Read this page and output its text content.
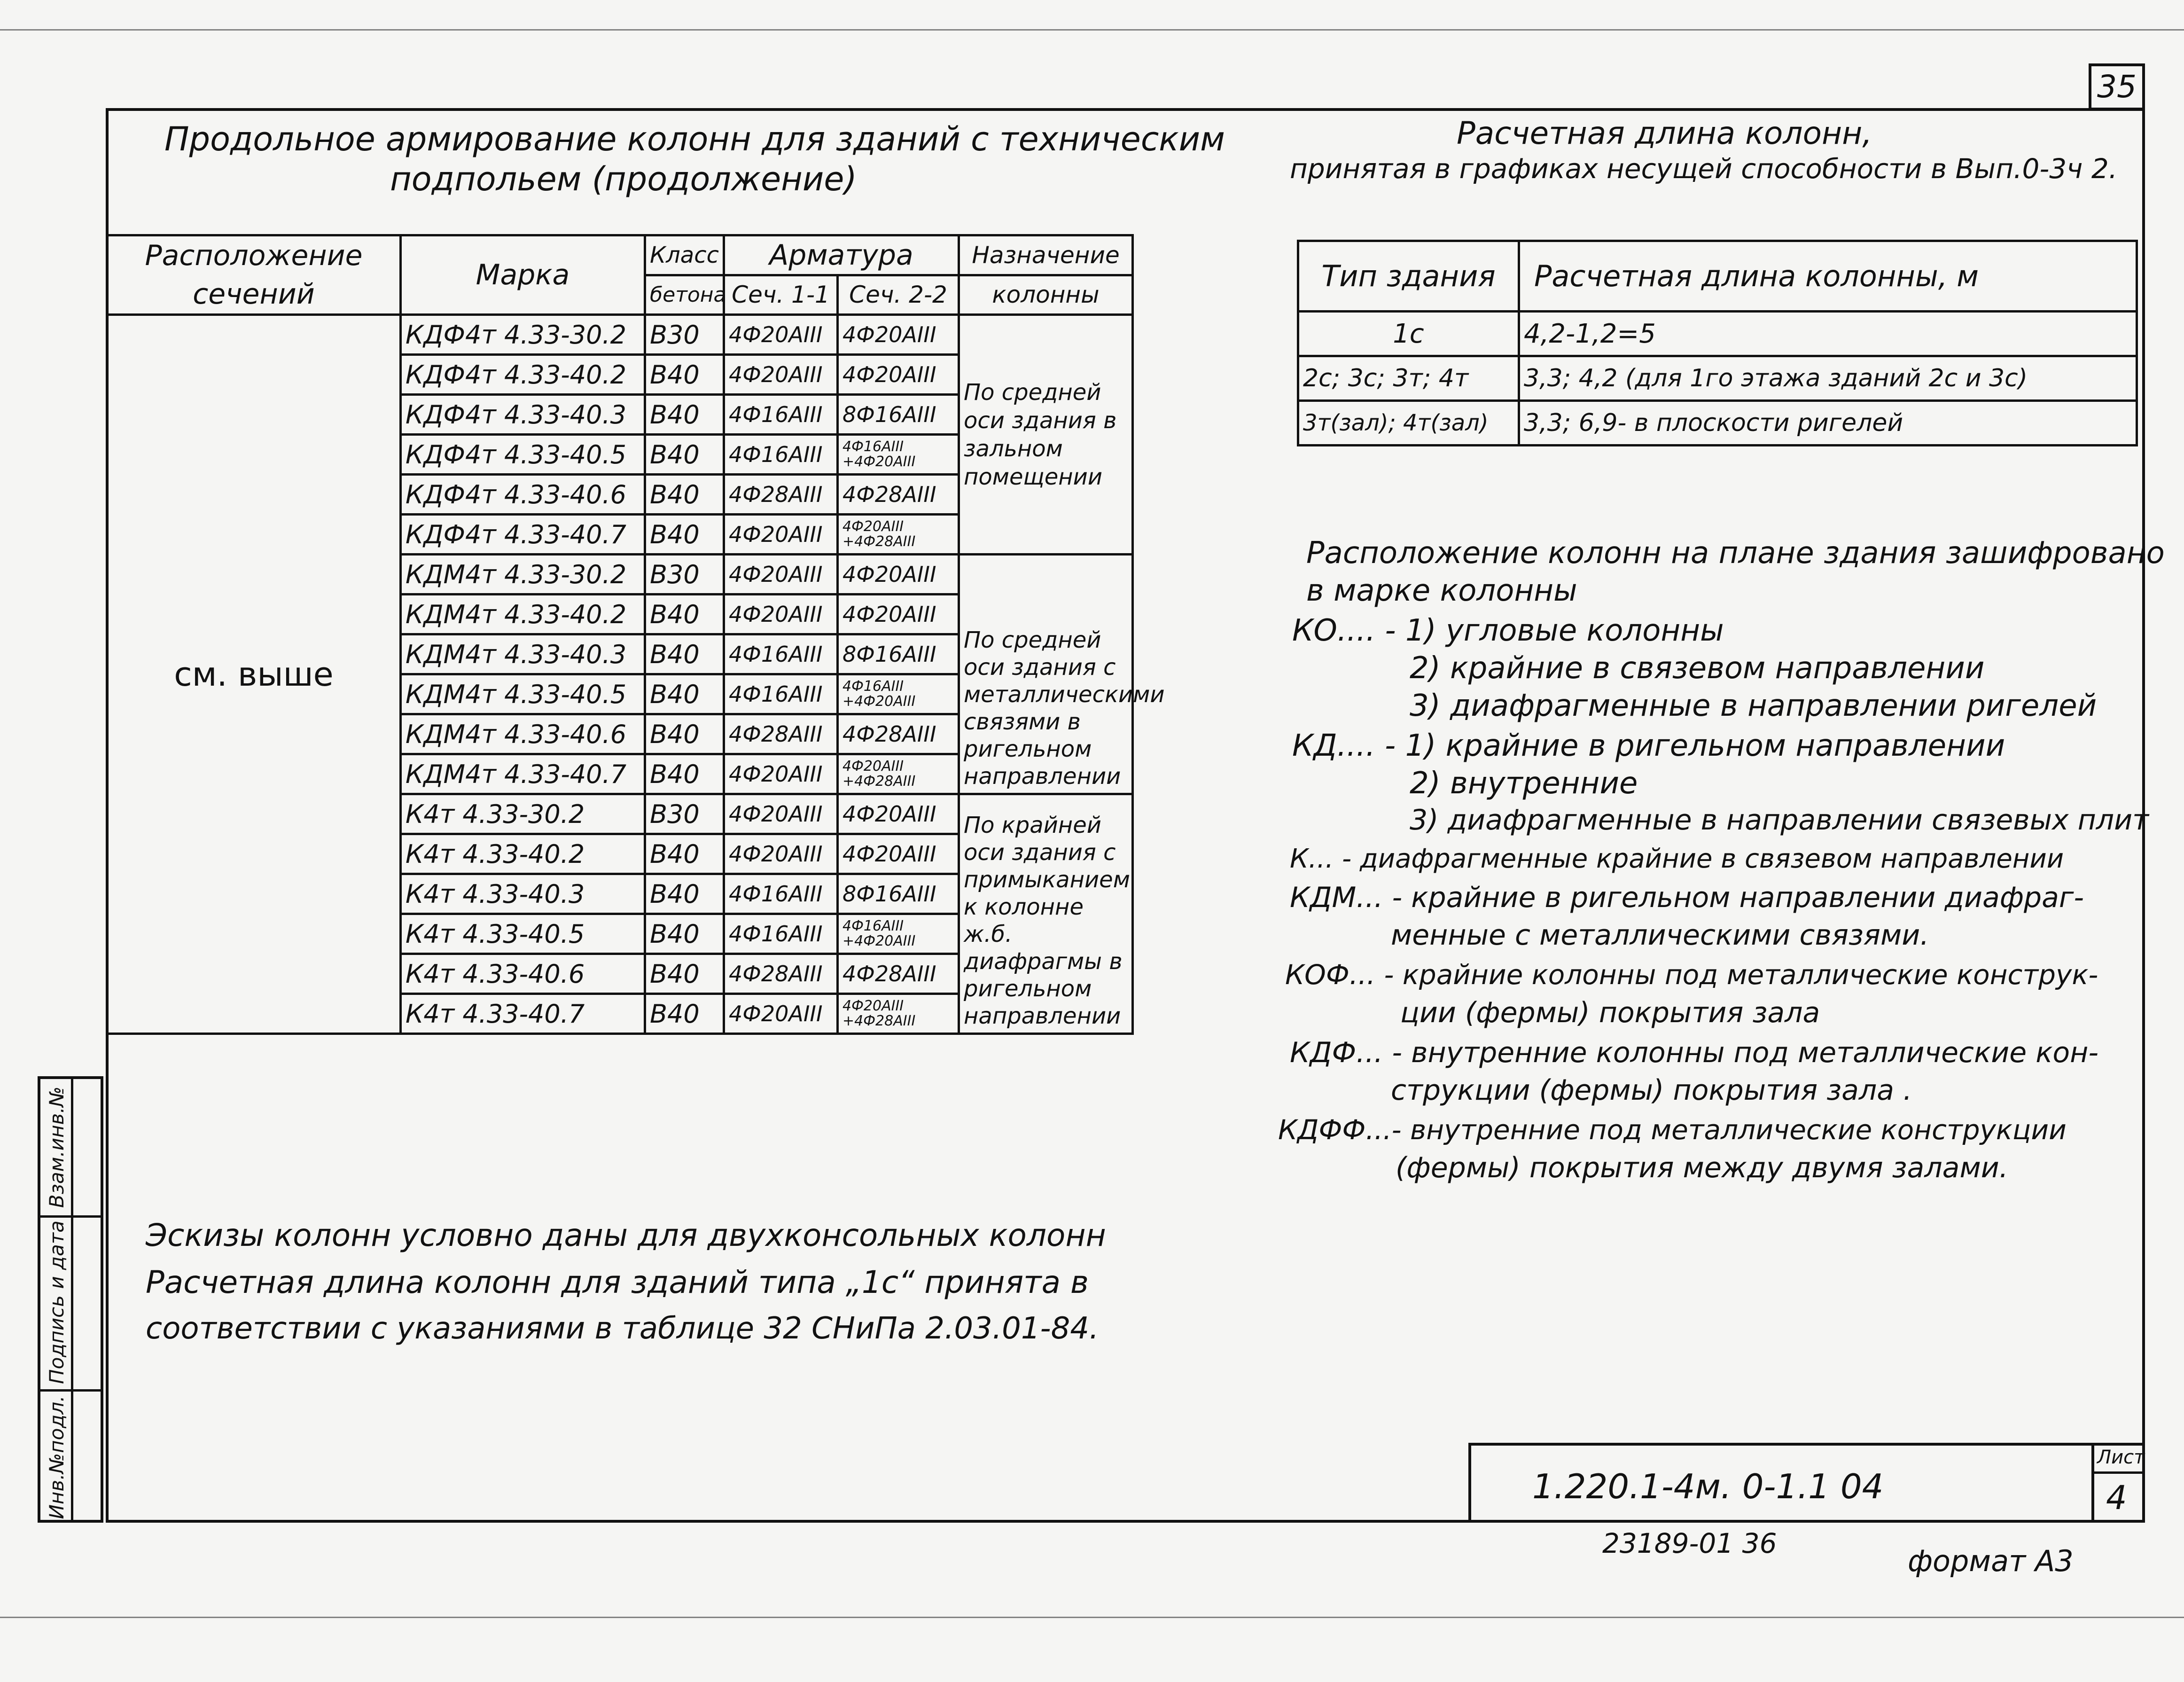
35
Взам.инв.№
Подпись и дата
Инв.№подл.
Продольное армирование колонн для зданий с техническим
подпольем (продолжение)
Расположение сечений	Марка	Класс	Арматура		Назначение
		бетона	Сеч. 1-1	Сеч. 2-2	колонны
см. выше	КДФ4т 4.33-30.2	В30	4Ф20АIII	4Ф20АIII	По средней оси здания в зальном помещении
	КДФ4т 4.33-40.2	В40	4Ф20АIII	4Ф20АIII	
	КДФ4т 4.33-40.3	В40	4Ф16АIII	8Ф16АIII	
	КДФ4т 4.33-40.5	В40	4Ф16АIII	4Ф16АIII +4Ф20АIII	
	КДФ4т 4.33-40.6	В40	4Ф28АIII	4Ф28АIII	
	КДФ4т 4.33-40.7	В40	4Ф20АIII	4Ф20АIII +4Ф28АIII	
	КДМ4т 4.33-30.2	В30	4Ф20АIII	4Ф20АIII	По средней оси здания с металлическими связями в ригельном направлении
	КДМ4т 4.33-40.2	В40	4Ф20АIII	4Ф20АIII	
	КДМ4т 4.33-40.3	В40	4Ф16АIII	8Ф16АIII	
	КДМ4т 4.33-40.5	В40	4Ф16АIII	4Ф16АIII +4Ф20АIII	
	КДМ4т 4.33-40.6	В40	4Ф28АIII	4Ф28АIII	
	КДМ4т 4.33-40.7	В40	4Ф20АIII	4Ф20АIII +4Ф28АIII	
	К4т 4.33-30.2	В30	4Ф20АIII	4Ф20АIII	По крайней оси здания с примыканием к колонне ж.б. диафрагмы в ригельном направлении
	К4т 4.33-40.2	В40	4Ф20АIII	4Ф20АIII	
	К4т 4.33-40.3	В40	4Ф16АIII	8Ф16АIII	
	К4т 4.33-40.5	В40	4Ф16АIII	4Ф16АIII +4Ф20АIII	
	К4т 4.33-40.6	В40	4Ф28АIII	4Ф28АIII	
	К4т 4.33-40.7	В40	4Ф20АIII	4Ф20АIII +4Ф28АIII	
Расчетная длина колонн,
принятая в графиках несущей способности в Вып.0-3ч 2.
Тип здания	Расчетная длина колонны, м
1с	4,2-1,2=5
2с; 3с; 3т; 4т	3,3; 4,2 (для 1го этажа зданий 2с и 3с)
3т(зал); 4т(зал)	3,3; 6,9- в плоскости ригелей
Расположение колонн на плане здания зашифровано
в марке колонны
КО.... - 1) угловые колонны
2) крайние в связевом направлении
3) диафрагменные в направлении ригелей
КД.... - 1) крайние в ригельном направлении
2) внутренние
3) диафрагменные в направлении связевых плит
К... - диафрагменные крайние в связевом направлении
КДМ... - крайние в ригельном направлении диафраг-
менные с металлическими связями.
КОФ... - крайние колонны под металлические конструк-
ции (фермы) покрытия зала
КДФ... - внутренние колонны под металлические кон-
струкции (фермы) покрытия зала .
КДФФ...- внутренние под металлические конструкции
(фермы) покрытия между двумя залами.
Эскизы колонн условно даны для двухконсольных колонн
Расчетная длина колонн для зданий типа „1с“ принята в
соответствии с указаниями в таблице 32 СНиПа 2.03.01-84.
1.220.1-4м. 0-1.1 04
Лист
4
23189-01 36
формат А3
